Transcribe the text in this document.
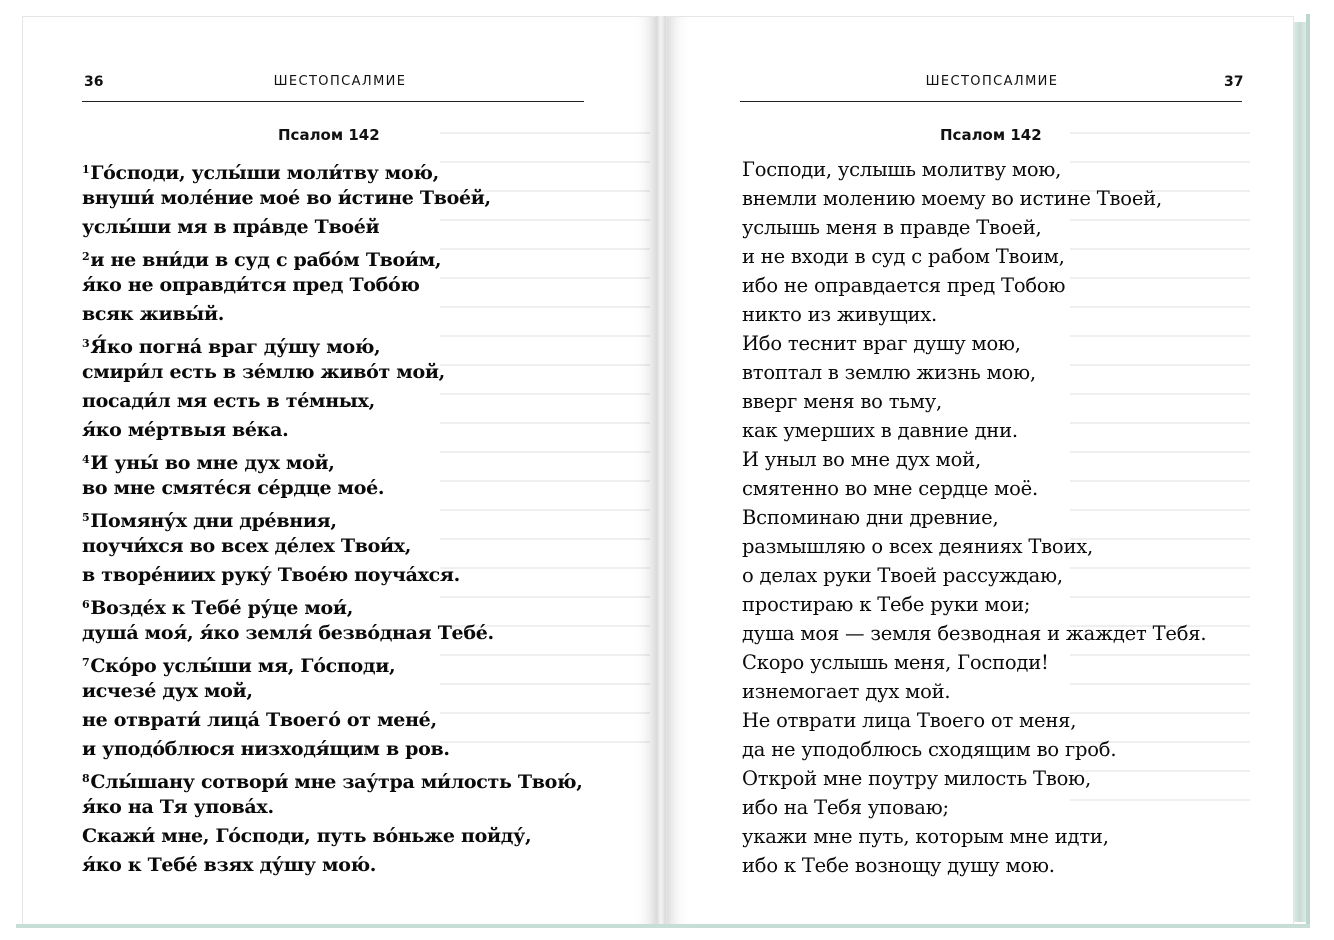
36	ШЕСТОПСАЛМИЕ
Псалом 142
$^1$Го́споди, услы́ши моли́тву мою́,
внуши́ моле́ние мое́ во и́стине Твое́й,
услы́ши мя в пра́вде Твое́й
$^2$и не вни́ди в суд с рабо́м Твои́м,
я́ко не оправди́тся пред Тобо́ю
всяк живы́й.
$^3$Я́ко погна́ враг ду́шу мою́,
смири́л есть в зе́млю живо́т мой,
посади́л мя есть в те́мных,
я́ко ме́ртвыя ве́ка.
$^4$И уны́ во мне дух мой,
во мне смяте́ся се́рдце мое́.
$^5$Помяну́х дни дре́вния,
поучи́хся во всех де́лех Твои́х,
в творе́ниих руку́ Твое́ю поуча́хся.
$^6$Возде́х к Тебе́ ру́це мои́,
душа́ моя́, я́ко земля́ безво́дная Тебе́.
$^7$Ско́ро услы́ши мя, Го́споди,
исчезе́ дух мой,
не отврати́ лица́ Твоего́ от мене́,
и уподо́блюся низходя́щим в ров.
$^8$Слы́шану сотвори́ мне зау́тра ми́лость Твою́,
я́ко на Тя упова́х.
Скажи́ мне, Го́споди, путь во́ньже пойду́,
я́ко к Тебе́ взях ду́шу мою́.
ШЕСТОПСАЛМИЕ	37
Псалом 142
Господи, услышь молитву мою,
внемли молению моему во истине Твоей,
услышь меня в правде Твоей,
и не входи в суд с рабом Твоим,
ибо не оправдается пред Тобою
никто из живущих.
Ибо теснит враг душу мою,
втоптал в землю жизнь мою,
вверг меня во тьму,
как умерших в давние дни.
И уныл во мне дух мой,
смятенно во мне сердце моё.
Вспоминаю дни древние,
размышляю о всех деяниях Твоих,
о делах руки Твоей рассуждаю,
простираю к Тебе руки мои;
душа моя — земля безводная и жаждет Тебя.
Скоро услышь меня, Господи!
изнемогает дух мой.
Не отврати лица Твоего от меня,
да не уподоблюсь сходящим во гроб.
Открой мне поутру милость Твою,
ибо на Тебя уповаю;
укажи мне путь, которым мне идти,
ибо к Тебе вознощу душу мою.
